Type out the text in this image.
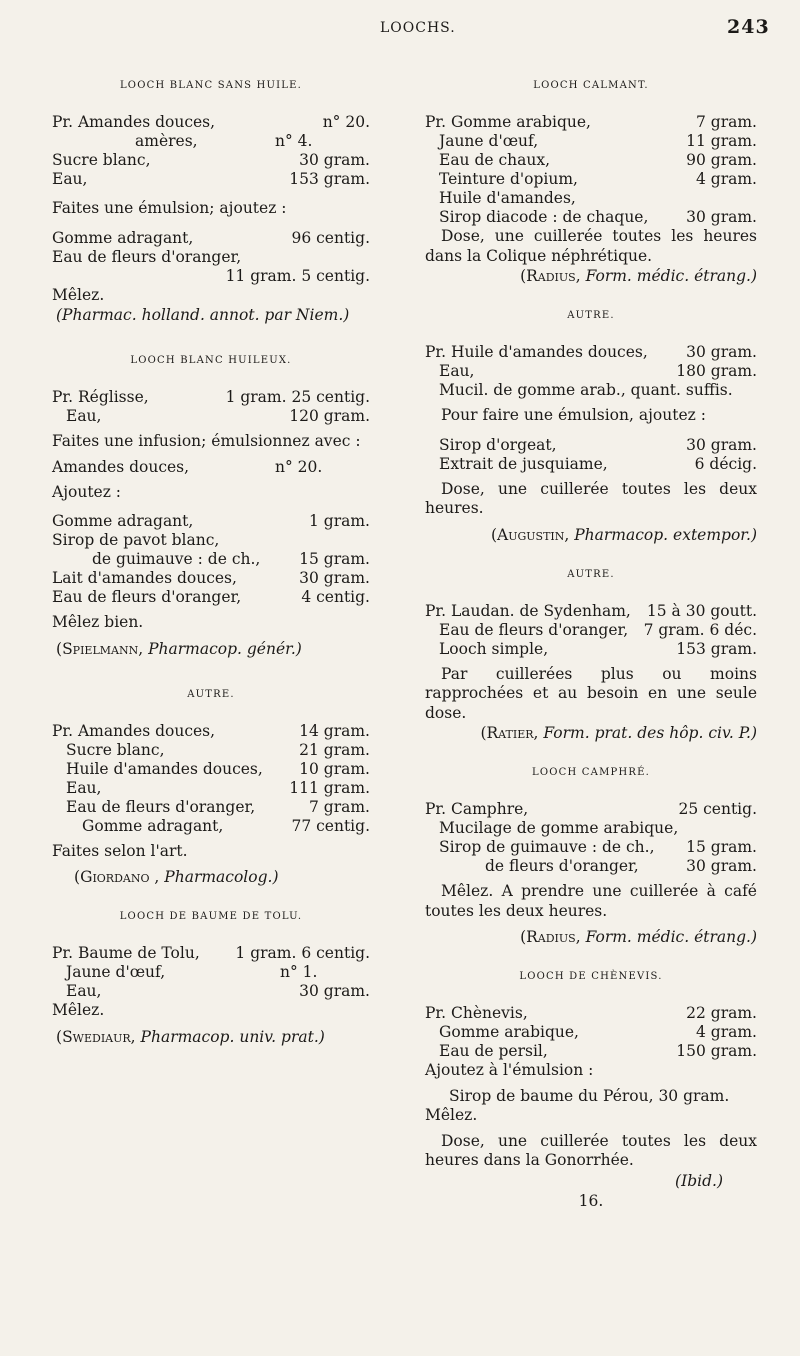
LOOCHS.	243
LOOCH BLANC SANS HUILE.
Pr. Amandes douces,	n° 20.
amères,	n° 4.
Sucre blanc,	30 gram.
Eau,	153 gram.
Faites une émulsion; ajoutez :
Gomme adragant,	96 centig.
Eau de fleurs d'oranger,
11 gram. 5 centig.
Mêlez.
(Pharmac. holland. annot. par Niem.)
LOOCH BLANC HUILEUX.
Pr. Réglisse,	1 gram. 25 centig.
Eau,	120 gram.
Faites une infusion; émulsionnez avec :
Amandes douces,	n° 20.
Ajoutez :
Gomme adragant,	1 gram.
Sirop de pavot blanc,
de guimauve : de ch.,	15 gram.
Lait d'amandes douces,	30 gram.
Eau de fleurs d'oranger,	4 centig.
Mêlez bien.
(Spielmann, Pharmacop. génér.)
AUTRE.
Pr. Amandes douces,	14 gram.
Sucre blanc,	21 gram.
Huile d'amandes douces, 10 gram.
Eau,	111 gram.
Eau de fleurs d'oranger,	7 gram.
Gomme adragant,	77 centig.
Faites selon l'art.
(Giordano , Pharmacolog.)
LOOCH DE BAUME DE TOLU.
Pr. Baume de Tolu, 1 gram. 6 centig.
Jaune d'œuf,	n° 1.
Eau,	30 gram.
Mêlez.
(Swediaur, Pharmacop. univ. prat.)
LOOCH CALMANT.
Pr. Gomme arabique,	7 gram.
Jaune d'œuf,	11 gram.
Eau de chaux,	90 gram.
Teinture d'opium,	4 gram.
Huile d'amandes,
Sirop diacode : de chaque, 30 gram.
Dose, une cuillerée toutes les heures dans la Colique néphrétique.
(Radius, Form. médic. étrang.)
AUTRE.
Pr. Huile d'amandes douces, 30 gram.
Eau,	180 gram.
Mucil. de gomme arab., quant. suffis.
Pour faire une émulsion, ajoutez :
Sirop d'orgeat,	30 gram.
Extrait de jusquiame,	6 décig.
Dose, une cuillerée toutes les deux heures.
(Augustin, Pharmacop. extempor.)
AUTRE.
Pr. Laudan. de Sydenham, 15 à 30 goutt.
Eau de fleurs d'oranger, 7 gram. 6 déc.
Looch simple,	153 gram.
Par cuillerées plus ou moins rapprochées et au besoin en une seule dose.
(Ratier, Form. prat. des hôp. civ. P.)
LOOCH CAMPHRÉ.
Pr. Camphre,	25 centig.
Mucilage de gomme arabique,
Sirop de guimauve : de ch., 15 gram.
de fleurs d'oranger,	30 gram.
Mêlez. A prendre une cuillerée à café toutes les deux heures.
(Radius, Form. médic. étrang.)
LOOCH DE CHÈNEVIS.
Pr. Chènevis,	22 gram.
Gomme arabique,	4 gram.
Eau de persil,	150 gram.
Ajoutez à l'émulsion :
Sirop de baume du Pérou, 30 gram.
Mêlez.
Dose, une cuillerée toutes les deux heures dans la Gonorrhée.
(Ibid.)
16.
